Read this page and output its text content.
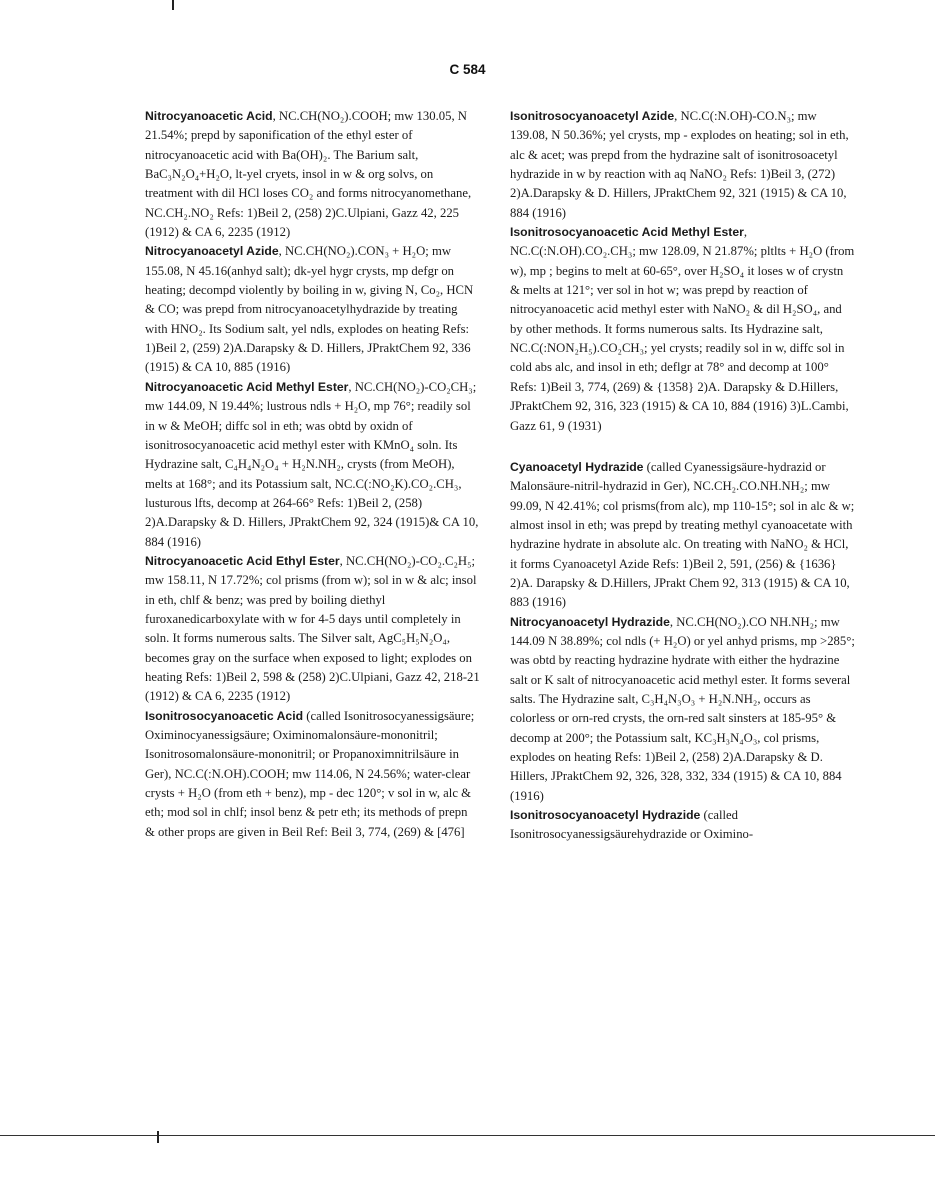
C 584

Nitrocyanoacetic Acid, NC.CH(NO₂).COOH; mw 130.05, N 21.54%; prepd by saponification of the ethyl ester of nitrocyanoacetic acid with Ba(OH)₂. The Barium salt, BaC₃N₂O₄+H₂O, lt-yel cryets, insol in w & org solvs, on treatment with dil HCl loses CO₂ and forms nitrocyanomethane, NC.CH₂.NO₂ Refs: 1)Beil 2, (258) 2)C.Ulpiani, Gazz 42, 225 (1912) & CA 6, 2235 (1912)

Nitrocyanoacetyl Azide, NC.CH(NO₂).CON₃ + H₂O; mw 155.08, N 45.16(anhyd salt); dk-yel hygr crysts, mp defgr on heating; decompd violently by boiling in w, giving N, Co₂, HCN & CO; was prepd from nitrocyanoacetylhydrazide by treating with HNO₂. Its Sodium salt, yel ndls, explodes on heating Refs: 1)Beil 2, (259) 2)A.Darapsky & D. Hillers, JPraktChem 92, 336 (1915) & CA 10, 885 (1916)

Nitrocyanoacetic Acid Methyl Ester, NC.CH(NO₂)-CO₂CH₃; mw 144.09, N 19.44%; lustrous ndls + H₂O, mp 76°; readily sol in w & MeOH; diffc sol in eth; was obtd by oxidn of isonitrosocyanoacetic acid methyl ester with KMnO₄ soln. Its Hydrazine salt, C₄H₄N₂O₄ + H₂N.NH₂, crysts (from MeOH), melts at 168°; and its Potassium salt, NC.C(:NO₂K).CO₂.CH₃, lusturous lfts, decomp at 264-66° Refs: 1)Beil 2, (258) 2)A.Darapsky & D. Hillers, JPraktChem 92, 324 (1915)& CA 10, 884 (1916)

Nitrocyanoacetic Acid Ethyl Ester, NC.CH(NO₂)-CO₂.C₂H₅; mw 158.11, N 17.72%; col prisms (from w); sol in w & alc; insol in eth, chlf & benz; was pred by boiling diethyl furoxanedicarboxylate with w for 4-5 days until completely in soln. It forms numerous salts. The Silver salt, AgC₅H₅N₂O₄, becomes gray on the surface when exposed to light; explodes on heating Refs: 1)Beil 2, 598 & (258) 2)C.Ulpiani, Gazz 42, 218-21 (1912) & CA 6, 2235 (1912)

Isonitrosocyanoacetic Acid (called Isonitrosocyanessigsäure; Oximinocyanessigsäure; Oximinomalonsäure-mononitril; Isonitrosomalonsäure-mononitril; or Propanoximnitrilsäure in Ger), NC.C(:N.OH).COOH; mw 114.06, N 24.56%; water-clear crysts + H₂O (from eth + benz), mp - dec 120°; v sol in w, alc & eth; mod sol in chlf; insol benz & petr eth; its methods of prepn & other props are given in Beil Ref: Beil 3, 774, (269) & [476]

Isonitrosocyanoacetyl Azide, NC.C(:N.OH)-CO.N₃; mw 139.08, N 50.36%; yel crysts, mp - explodes on heating; sol in eth, alc & acet; was prepd from the hydrazine salt of isonitrosoacetyl hydrazide in w by reaction with aq NaNO₂ Refs: 1)Beil 3, (272) 2)A.Darapsky & D. Hillers, JPraktChem 92, 321 (1915) & CA 10, 884 (1916)

Isonitrosocyanoacetic Acid Methyl Ester, NC.C(:N.OH).CO₂.CH₃; mw 128.09, N 21.87%; pltlts + H₂O (from w), mp ; begins to melt at 60-65°, over H₂SO₄ it loses w of crystn & melts at 121°; ver sol in hot w; was prepd by reaction of nitrocyanoacetic acid methyl ester with NaNO₂ & dil H₂SO₄, and by other methods. It forms numerous salts. Its Hydrazine salt, NC.C(:NON₂H₅).CO₂CH₃; yel crysts; readily sol in w, diffc sol in cold abs alc, and insol in eth; deflgr at 78° and decomp at 100° Refs: 1)Beil 3, 774, (269) & {1358} 2)A. Darapsky & D.Hillers, JPraktChem 92, 316, 323 (1915) & CA 10, 884 (1916) 3)L.Cambi, Gazz 61, 9 (1931)

Cyanoacetyl Hydrazide (called Cyanessigsäure-hydrazid or Malonsäure-nitril-hydrazid in Ger), NC.CH₂.CO.NH.NH₂; mw 99.09, N 42.41%; col prisms(from alc), mp 110-15°; sol in alc & w; almost insol in eth; was prepd by treating methyl cyanoacetate with hydrazine hydrate in absolute alc. On treating with NaNO₂ & HCl, it forms Cyanoacetyl Azide Refs: 1)Beil 2, 591, (256) & {1636} 2)A. Darapsky & D.Hillers, JPrakt Chem 92, 313 (1915) & CA 10, 883 (1916)

Nitrocyanoacetyl Hydrazide, NC.CH(NO₂).CO NH.NH₂; mw 144.09 N 38.89%; col ndls (+ H₂O) or yel anhyd prisms, mp >285°; was obtd by reacting hydrazine hydrate with either the hydrazine salt or K salt of nitrocyanoacetic acid methyl ester. It forms several salts. The Hydrazine salt, C₃H₄N₃O₃ + H₂N.NH₂, occurs as colorless or orn-red crysts, the orn-red salt sinsters at 185-95° & decomp at 200°; the Potassium salt, KC₃H₃N₄O₃, col prisms, explodes on heating Refs: 1)Beil 2, (258) 2)A.Darapsky & D. Hillers, JPraktChem 92, 326, 328, 332, 334 (1915) & CA 10, 884 (1916)

Isonitrosocyanoacetyl Hydrazide (called Isonitrosocyanessigsäurehydrazide or Oximino-
